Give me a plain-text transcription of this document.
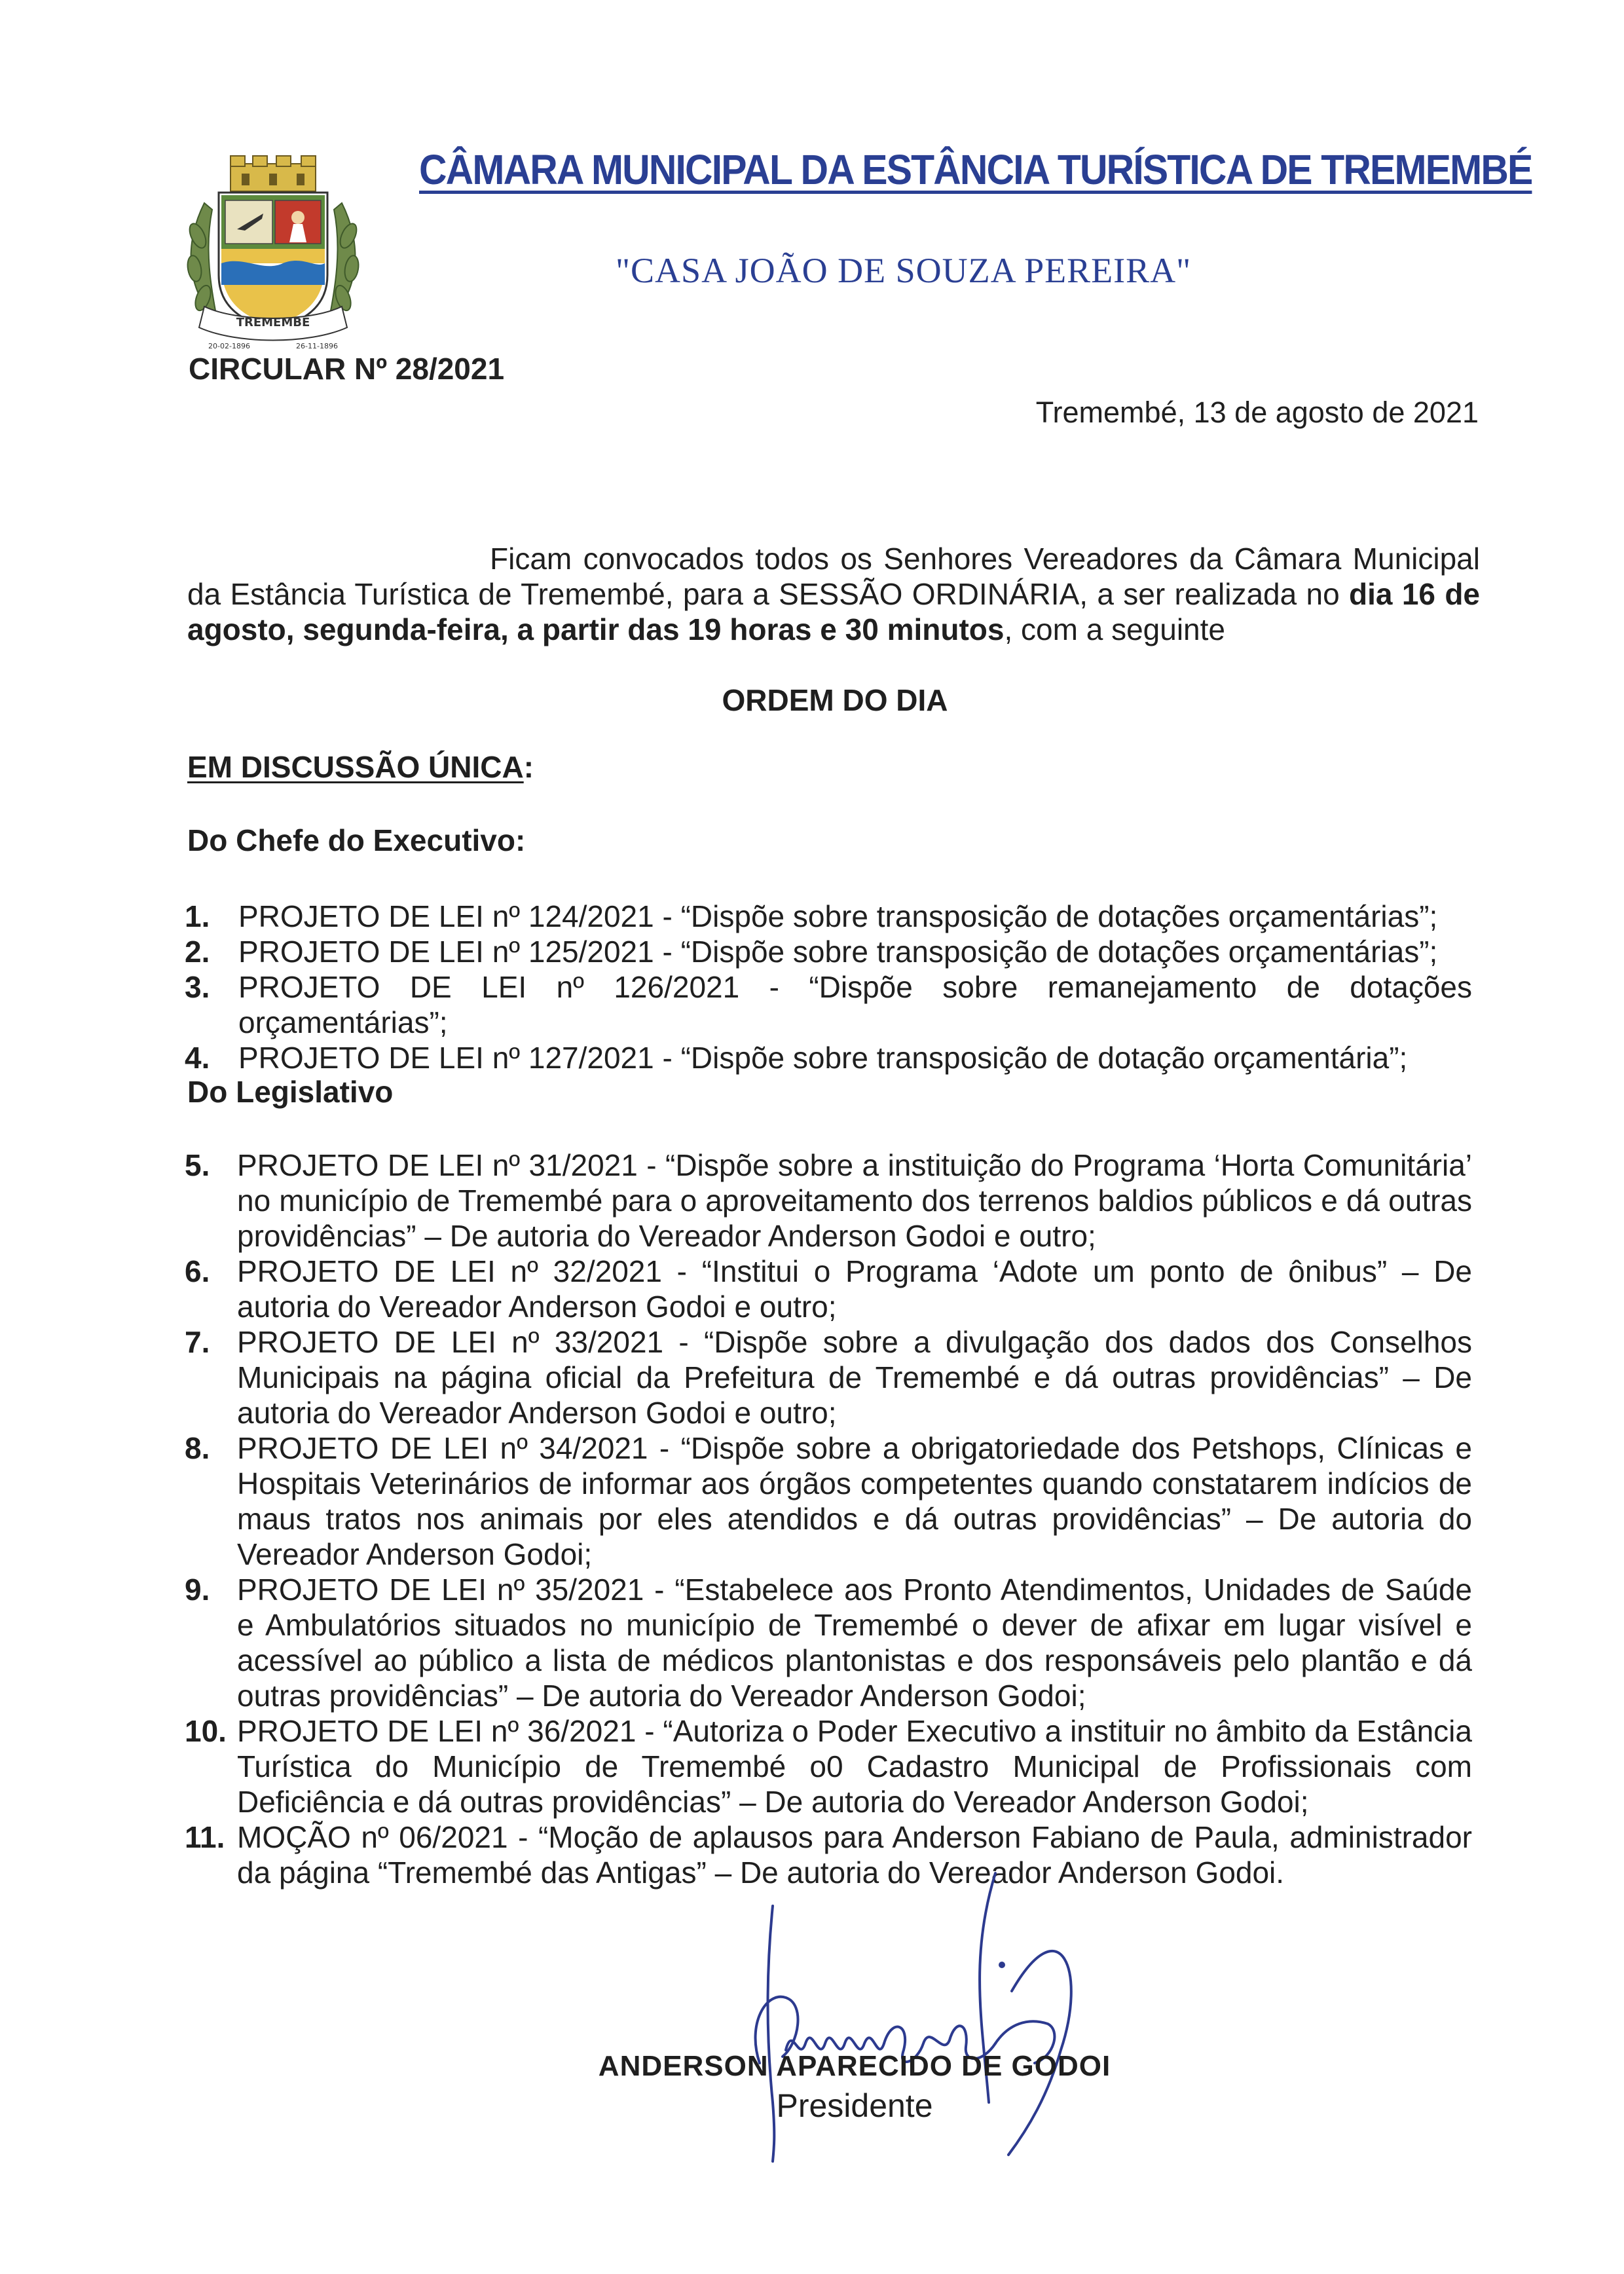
TREMEMBÉ
20-02-1896	26-11-1896
CÂMARA MUNICIPAL DA ESTÂNCIA TURÍSTICA DE TREMEMBÉ
"CASA JOÃO DE SOUZA PEREIRA"
CIRCULAR Nº 28/2021
Tremembé, 13 de agosto de 2021

Ficam convocados todos os Senhores Vereadores da Câmara Municipal da Estância Turística de Tremembé, para a SESSÃO ORDINÁRIA, a ser realizada no dia 16 de agosto, segunda-feira, a partir das 19 horas e 30 minutos, com a seguinte

ORDEM DO DIA
EM DISCUSSÃO ÚNICA:
Do Chefe do Executivo:
1. PROJETO DE LEI nº 124/2021 - “Dispõe sobre transposição de dotações orçamentárias”;
2. PROJETO DE LEI nº 125/2021 - “Dispõe sobre transposição de dotações orçamentárias”;
3. PROJETO DE LEI nº 126/2021 - “Dispõe sobre remanejamento de dotações orçamentárias”;
4. PROJETO DE LEI nº 127/2021 - “Dispõe sobre transposição de dotação orçamentária”;
Do Legislativo
5. PROJETO DE LEI nº 31/2021 - “Dispõe sobre a instituição do Programa ‘Horta Comunitária’ no município de Tremembé para o aproveitamento dos terrenos baldios públicos e dá outras providências” – De autoria do Vereador Anderson Godoi e outro;
6. PROJETO DE LEI nº 32/2021 - “Institui o Programa ‘Adote um ponto de ônibus” – De autoria do Vereador Anderson Godoi e outro;
7. PROJETO DE LEI nº 33/2021 - “Dispõe sobre a divulgação dos dados dos Conselhos Municipais na página oficial da Prefeitura de Tremembé e dá outras providências” – De autoria do Vereador Anderson Godoi e outro;
8. PROJETO DE LEI nº 34/2021 - “Dispõe sobre a obrigatoriedade dos Petshops, Clínicas e Hospitais Veterinários de informar aos órgãos competentes quando constatarem indícios de maus tratos nos animais por eles atendidos e dá outras providências” – De autoria do Vereador Anderson Godoi;
9. PROJETO DE LEI nº 35/2021 - “Estabelece aos Pronto Atendimentos, Unidades de Saúde e Ambulatórios situados no município de Tremembé o dever de afixar em lugar visível e acessível ao público a lista de médicos plantonistas e dos responsáveis pelo plantão e dá outras providências” – De autoria do Vereador Anderson Godoi;
10. PROJETO DE LEI nº 36/2021 - “Autoriza o Poder Executivo a instituir no âmbito da Estância Turística do Município de Tremembé o0 Cadastro Municipal de Profissionais com Deficiência e dá outras providências” – De autoria do Vereador Anderson Godoi;
11. MOÇÃO nº 06/2021 - “Moção de aplausos para Anderson Fabiano de Paula, administrador da página “Tremembé das Antigas” – De autoria do Vereador Anderson Godoi.
ANDERSON APARECIDO DE GODOI
Presidente
